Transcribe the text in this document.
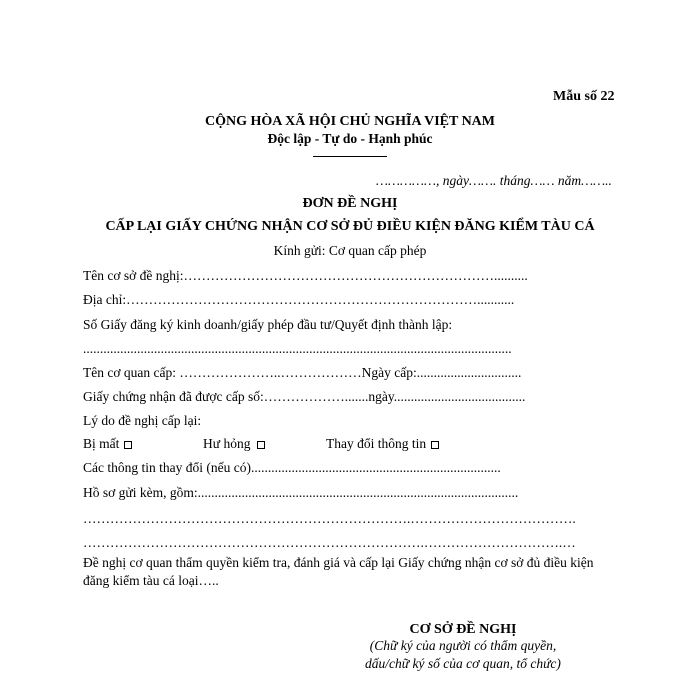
Mẫu số 22
CỘNG HÒA XÃ HỘI CHỦ NGHĨA VIỆT NAM
Độc lập - Tự do - Hạnh phúc
……………, ngày……. tháng…… năm……..
ĐƠN ĐỀ NGHỊ
CẤP LẠI GIẤY CHỨNG NHẬN CƠ SỞ ĐỦ ĐIỀU KIỆN ĐĂNG KIỂM TÀU CÁ
Kính gửi: Cơ quan cấp phép
Tên cơ sở đề nghị:……………………………………………………………..........
Địa chỉ:……………………………………………………………………...........
Số Giấy đăng ký kinh doanh/giấy phép đầu tư/Quyết định thành lập:
...............................................................................................................................
Tên cơ quan cấp: …………………..………………Ngày cấp:...............................
Giấy chứng nhận đã được cấp số:……………….......ngày.......................................
Lý do đề nghị cấp lại:
Bị mất	Hư hỏng	Thay đổi thông tin
Các thông tin thay đổi (nếu có)..........................................................................
Hồ sơ gửi kèm, gồm:...............................................................................................
……………………………………………………………….……………………………….
………………………………………………………………….………………………….…
Đề nghị cơ quan thẩm quyền kiểm tra, đánh giá và cấp lại Giấy chứng nhận cơ sở đủ điều kiện đăng kiểm tàu cá loại…..
CƠ SỞ ĐỀ NGHỊ
(Chữ ký của người có thẩm quyền,
dấu/chữ ký số của cơ quan, tổ chức)
